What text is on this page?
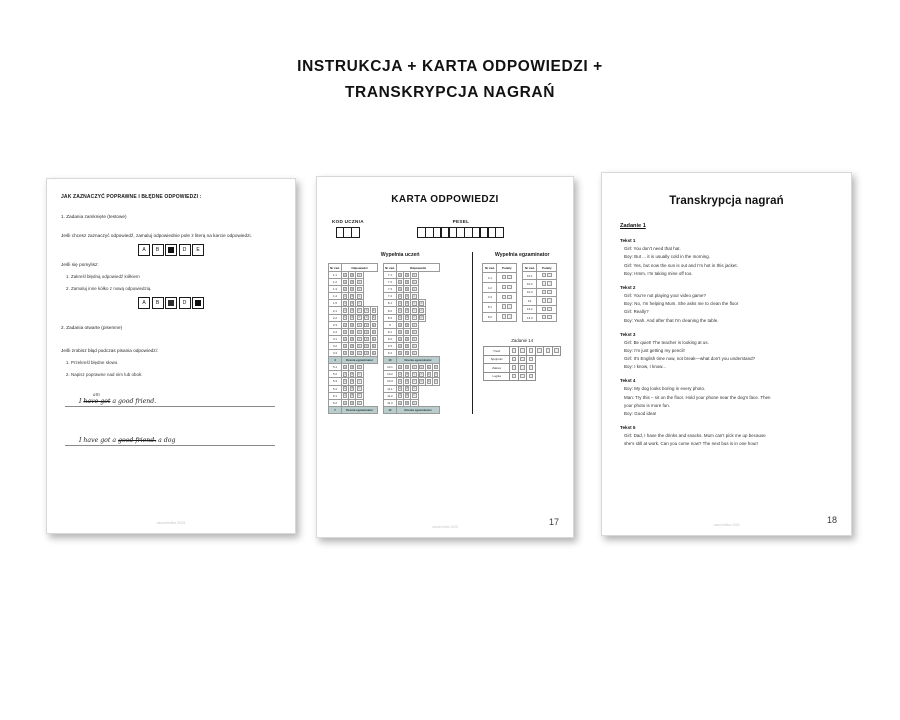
INSTRUKCJA + KARTA ODPOWIEDZI +
TRANSKRYPCJA NAGRAŃ
JAK ZAZNACZYĆ POPRAWNE I BŁĘDNE ODPOWIEDZI :
1. Zadania zamknięte (testowe)
Jeśli chcesz zaznaczyć odpowiedź, zamaluj odpowiednie pole z literą na karcie odpowiedzi.
A	B	D	E
Jeśli się pomylisz:
1. Zakreśl błędną odpowiedź kółkiem
2. Zamaluj inne kółko z nową odpowiedzią.
A	B	D
2. Zadania otwarte (pisemne)
Jeśli zrobisz błąd podczas pisania odpowiedzi:
1. Przekreśl błędne słowo.
2. Napisz poprawne nad nim lub obok.
am
I have got a good friend.
I have got a good friend. a dog
nauchmitka 2026
KARTA ODPOWIEDZI
KOD UCZNIA	PESEL
Wypełnia uczeń
Nr zad.	Odpowiedzi				
1.1	A	B	C		
1.2	A	B	C		
1.3	A	B	C		
1.4	A	B	C		
1.5	A	B	C		
2.1	A	B	C	D	E
2.2	A	B	C	D	E
2.3	A	B	C	D	E
2.4	A	B	C	D	E
3.1	A	B	C	D	E
3.2	A	B	C	D	E
3.3	A	B	C	D	E
4	Ocenia egzaminator				
5.1	A	B	C		
5.2	A	B	C		
5.3	A	B	C		
5.4	A	B	C		
6.1	A	B	C		
6.2	A	B	C		
7	Ocenia egzaminator				
Nr zad.	Odpowiedzi					
7.1	A	B	C			
7.2	A	B	C			
7.3	A	B	C			
7.4	A	B	C			
8.1	A	B	C	D		
8.2	A	B	C	D		
8.3	A	B	C	D		
9	A	B	C			
9.1	A	B	C			
9.2	A	B	C			
9.3	A	B	C			
9.4	A	B	C			
10	Ocenia egzaminator					
10.1	A	B	C	D	E	F
10.2	A	B	C	D	E	F
10.3	A	B	C	D	E	F
11.1	A	B	C			
11.2	A	B	C			
11.3	A	B	C			
12	Ocenia egzaminator					
Wypełnia egzaminator
Nr zad.	Punkty
4.1	
4.2	
4.3	
8.1	
8.2	
Nr zad.	Punkty
10.1	
10.2	
10.3	
13.	
13.2	
13.3	
Zadanie 14
Treść						
Spójność						
Zakres						
Logika						
nauchmitka 2026	17
Transkrypcja nagrań
Zadanie 1
Tekst 1
Girl: You don't need that hat.
Boy: But ... it is usually cold in the morning.
Girl: Yes, but now the sun is out and I'm hot in this jacket.
Boy: Hmm, I'm taking mine off too.
Tekst 2
Girl: You're not playing your video game?
Boy: No, I'm helping Mum. She asks me to clean the floor
Girl: Really?
Boy: Yeah. And after that I'm cleaning the table.
Tekst 3
Girl: Be quiet! The teacher is looking at us.
Boy: I'm just getting my pencil!
Girl: It's English time now, not break—what don't you understand?
Boy: I know, I know...
Tekst 4
Boy: My dog looks boring in every photo.
Man: Try this – sit on the floor. Hold your phone near the dog's face. Then
your photo is more fun.
Boy: Good idea!
Tekst 5
Girl: Dad, I have the drinks and snacks. Mum can't pick me up because
she's still at work. Can you come now? The next bus is in one hour!
nauchmitka 2026	18
